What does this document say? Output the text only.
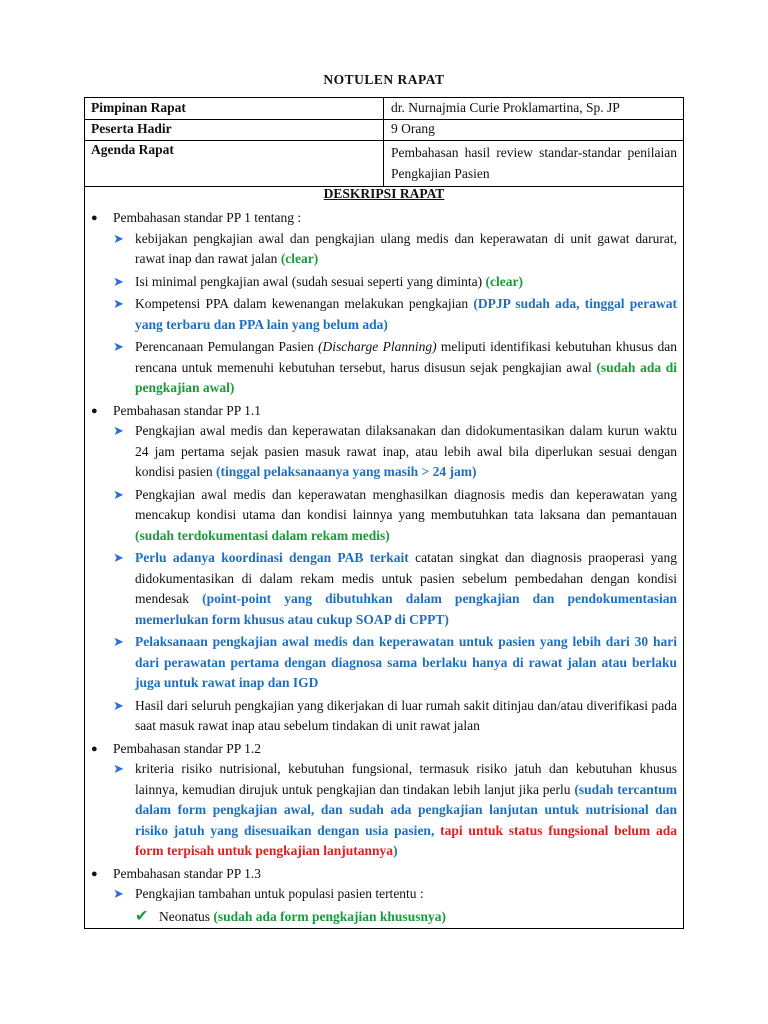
NOTULEN RAPAT
Pimpinan Rapat	dr. Nurnajmia Curie Proklamartina, Sp. JP
Peserta Hadir	9 Orang
Agenda Rapat	Pembahasan hasil review standar-standar penilaian Pengkajian Pasien
DESKRIPSI RAPAT
● Pembahasan standar PP 1 tentang :
➤ kebijakan pengkajian awal dan pengkajian ulang medis dan keperawatan di unit gawat darurat, rawat inap dan rawat jalan (clear)
➤ Isi minimal pengkajian awal (sudah sesuai seperti yang diminta) (clear)
➤ Kompetensi PPA dalam kewenangan melakukan pengkajian (DPJP sudah ada, tinggal perawat yang terbaru dan PPA lain yang belum ada)
➤ Perencanaan Pemulangan Pasien (Discharge Planning) meliputi identifikasi kebutuhan khusus dan rencana untuk memenuhi kebutuhan tersebut, harus disusun sejak pengkajian awal (sudah ada di pengkajian awal)
● Pembahasan standar PP 1.1
➤ Pengkajian awal medis dan keperawatan dilaksanakan dan didokumentasikan dalam kurun waktu 24 jam pertama sejak pasien masuk rawat inap, atau lebih awal bila diperlukan sesuai dengan kondisi pasien (tinggal pelaksanaanya yang masih > 24 jam)
➤ Pengkajian awal medis dan keperawatan menghasilkan diagnosis medis dan keperawatan yang mencakup kondisi utama dan kondisi lainnya yang membutuhkan tata laksana dan pemantauan (sudah terdokumentasi dalam rekam medis)
➤ Perlu adanya koordinasi dengan PAB terkait catatan singkat dan diagnosis praoperasi yang didokumentasikan di dalam rekam medis untuk pasien sebelum pembedahan dengan kondisi mendesak (point-point yang dibutuhkan dalam pengkajian dan pendokumentasian memerlukan form khusus atau cukup SOAP di CPPT)
➤ Pelaksanaan pengkajian awal medis dan keperawatan untuk pasien yang lebih dari 30 hari dari perawatan pertama dengan diagnosa sama berlaku hanya di rawat jalan atau berlaku juga untuk rawat inap dan IGD
➤ Hasil dari seluruh pengkajian yang dikerjakan di luar rumah sakit ditinjau dan/atau diverifikasi pada saat masuk rawat inap atau sebelum tindakan di unit rawat jalan
● Pembahasan standar PP 1.2
➤ kriteria risiko nutrisional, kebutuhan fungsional, termasuk risiko jatuh dan kebutuhan khusus lainnya, kemudian dirujuk untuk pengkajian dan tindakan lebih lanjut jika perlu (sudah tercantum dalam form pengkajian awal, dan sudah ada pengkajian lanjutan untuk nutrisional dan risiko jatuh yang disesuaikan dengan usia pasien, tapi untuk status fungsional belum ada form terpisah untuk pengkajian lanjutannya)
● Pembahasan standar PP 1.3
➤ Pengkajian tambahan untuk populasi pasien tertentu :
✔ Neonatus (sudah ada form pengkajian khususnya)
